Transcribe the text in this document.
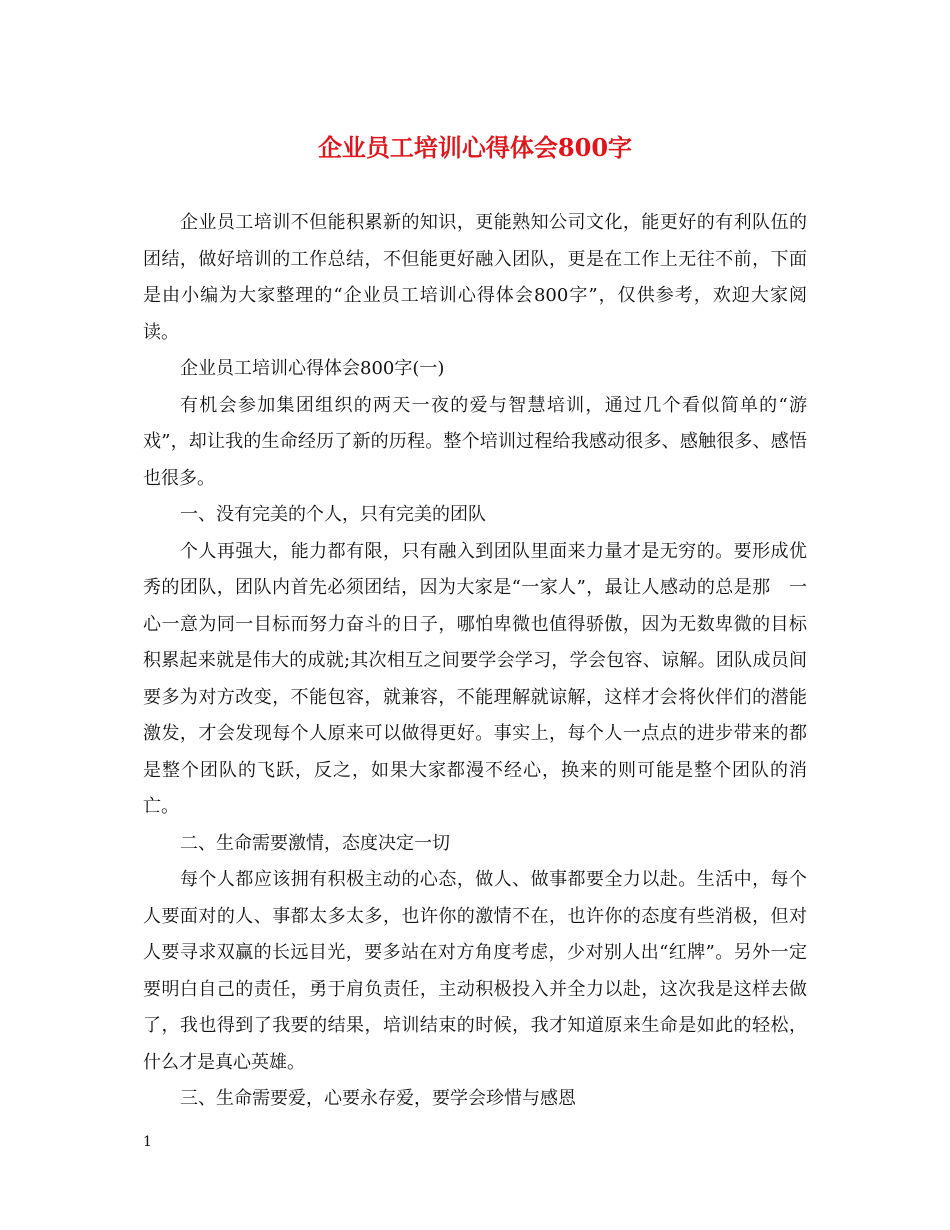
企业员工培训心得体会800字

企业员工培训不但能积累新的知识，更能熟知公司文化，能更好的有利队伍的团结，做好培训的工作总结，不但能更好融入团队，更是在工作上无往不前，下面是由小编为大家整理的“企业员工培训心得体会800字”，仅供参考，欢迎大家阅读。

企业员工培训心得体会800字(一)

有机会参加集团组织的两天一夜的爱与智慧培训，通过几个看似简单的“游戏”，却让我的生命经历了新的历程。整个培训过程给我感动很多、感触很多、感悟也很多。

一、没有完美的个人，只有完美的团队

个人再强大，能力都有限，只有融入到团队里面来力量才是无穷的。要形成优秀的团队，团队内首先必须团结，因为大家是“一家人”，最让人感动的总是那　一心一意为同一目标而努力奋斗的日子，哪怕卑微也值得骄傲，因为无数卑微的目标积累起来就是伟大的成就;其次相互之间要学会学习，学会包容、谅解。团队成员间要多为对方改变，不能包容，就兼容，不能理解就谅解，这样才会将伙伴们的潜能激发，才会发现每个人原来可以做得更好。事实上，每个人一点点的进步带来的都是整个团队的飞跃，反之，如果大家都漫不经心，换来的则可能是整个团队的消亡。

二、生命需要激情，态度决定一切

每个人都应该拥有积极主动的心态，做人、做事都要全力以赴。生活中，每个人要面对的人、事都太多太多，也许你的激情不在，也许你的态度有些消极，但对人要寻求双赢的长远目光，要多站在对方角度考虑，少对别人出“红牌”。另外一定要明白自己的责任，勇于肩负责任，主动积极投入并全力以赴，这次我是这样去做了，我也得到了我要的结果，培训结束的时候，我才知道原来生命是如此的轻松，什么才是真心英雄。

三、生命需要爱，心要永存爱，要学会珍惜与感恩

1
